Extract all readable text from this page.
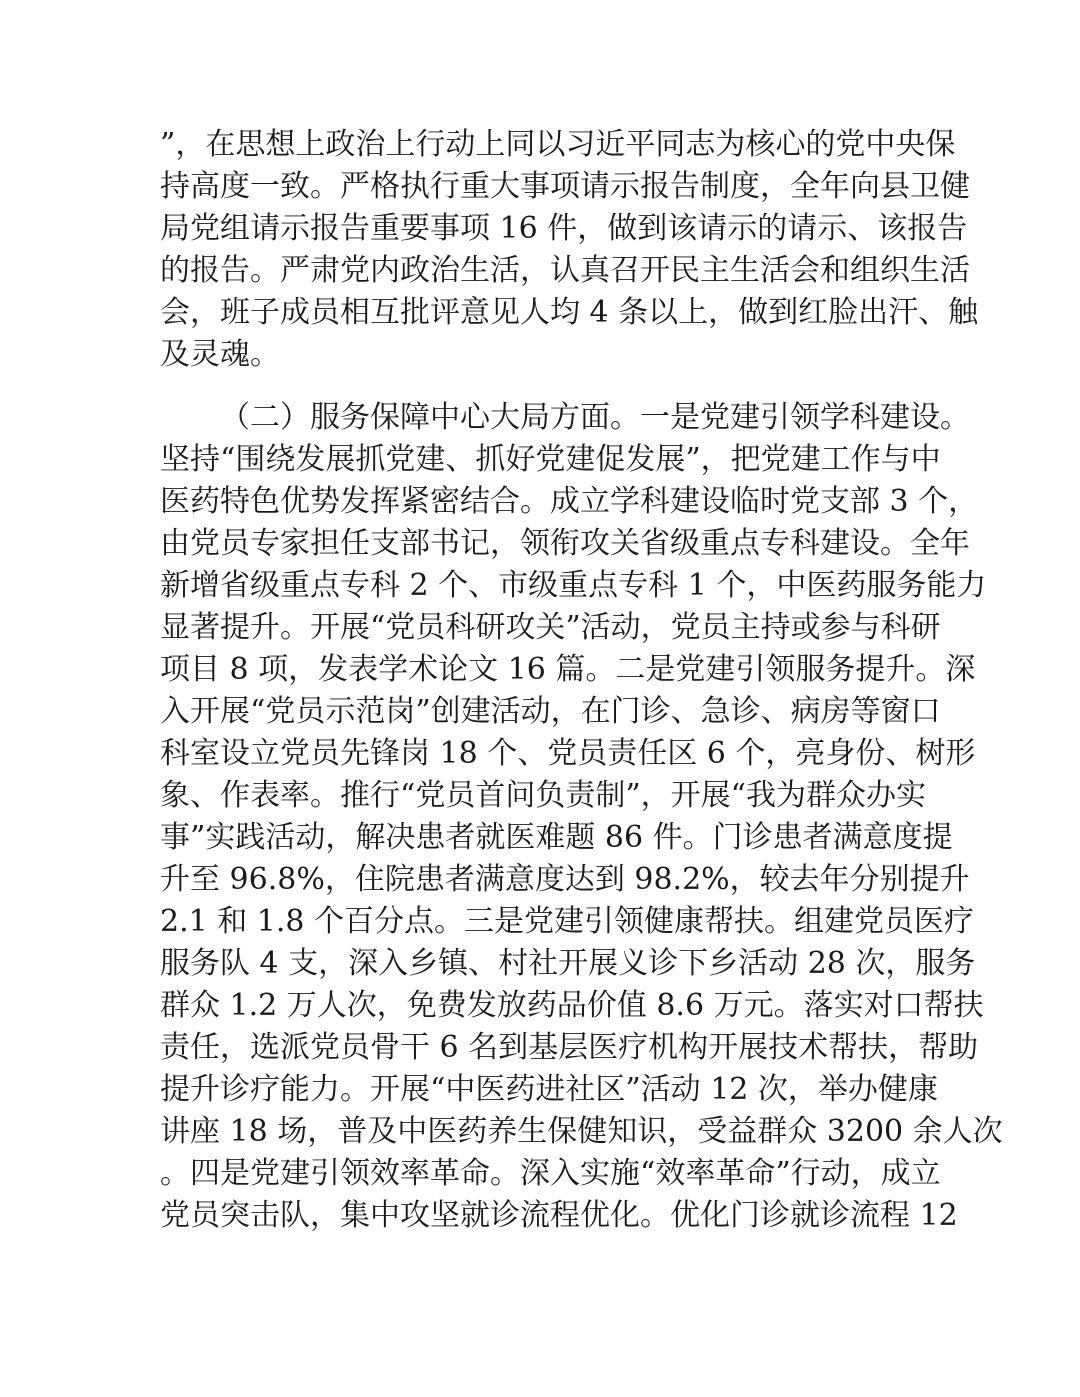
”，在思想上政治上行动上同以习近平同志为核心的党中央保
持高度一致。严格执行重大事项请示报告制度，全年向县卫健
局党组请示报告重要事项 16 件，做到该请示的请示、该报告
的报告。严肃党内政治生活，认真召开民主生活会和组织生活
会，班子成员相互批评意见人均 4 条以上，做到红脸出汗、触
及灵魂。
（二）服务保障中心大局方面。一是党建引领学科建设。
坚持“围绕发展抓党建、抓好党建促发展”，把党建工作与中
医药特色优势发挥紧密结合。成立学科建设临时党支部 3 个，
由党员专家担任支部书记，领衔攻关省级重点专科建设。全年
新增省级重点专科 2 个、市级重点专科 1 个，中医药服务能力
显著提升。开展“党员科研攻关”活动，党员主持或参与科研
项目 8 项，发表学术论文 16 篇。二是党建引领服务提升。深
入开展“党员示范岗”创建活动，在门诊、急诊、病房等窗口
科室设立党员先锋岗 18 个、党员责任区 6 个，亮身份、树形
象、作表率。推行“党员首问负责制”，开展“我为群众办实
事”实践活动，解决患者就医难题 86 件。门诊患者满意度提
升至 96.8%，住院患者满意度达到 98.2%，较去年分别提升
2.1 和 1.8 个百分点。三是党建引领健康帮扶。组建党员医疗
服务队 4 支，深入乡镇、村社开展义诊下乡活动 28 次，服务
群众 1.2 万人次，免费发放药品价值 8.6 万元。落实对口帮扶
责任，选派党员骨干 6 名到基层医疗机构开展技术帮扶，帮助
提升诊疗能力。开展“中医药进社区”活动 12 次，举办健康
讲座 18 场，普及中医药养生保健知识，受益群众 3200 余人次
。四是党建引领效率革命。深入实施“效率革命”行动，成立
党员突击队，集中攻坚就诊流程优化。优化门诊就诊流程 12
